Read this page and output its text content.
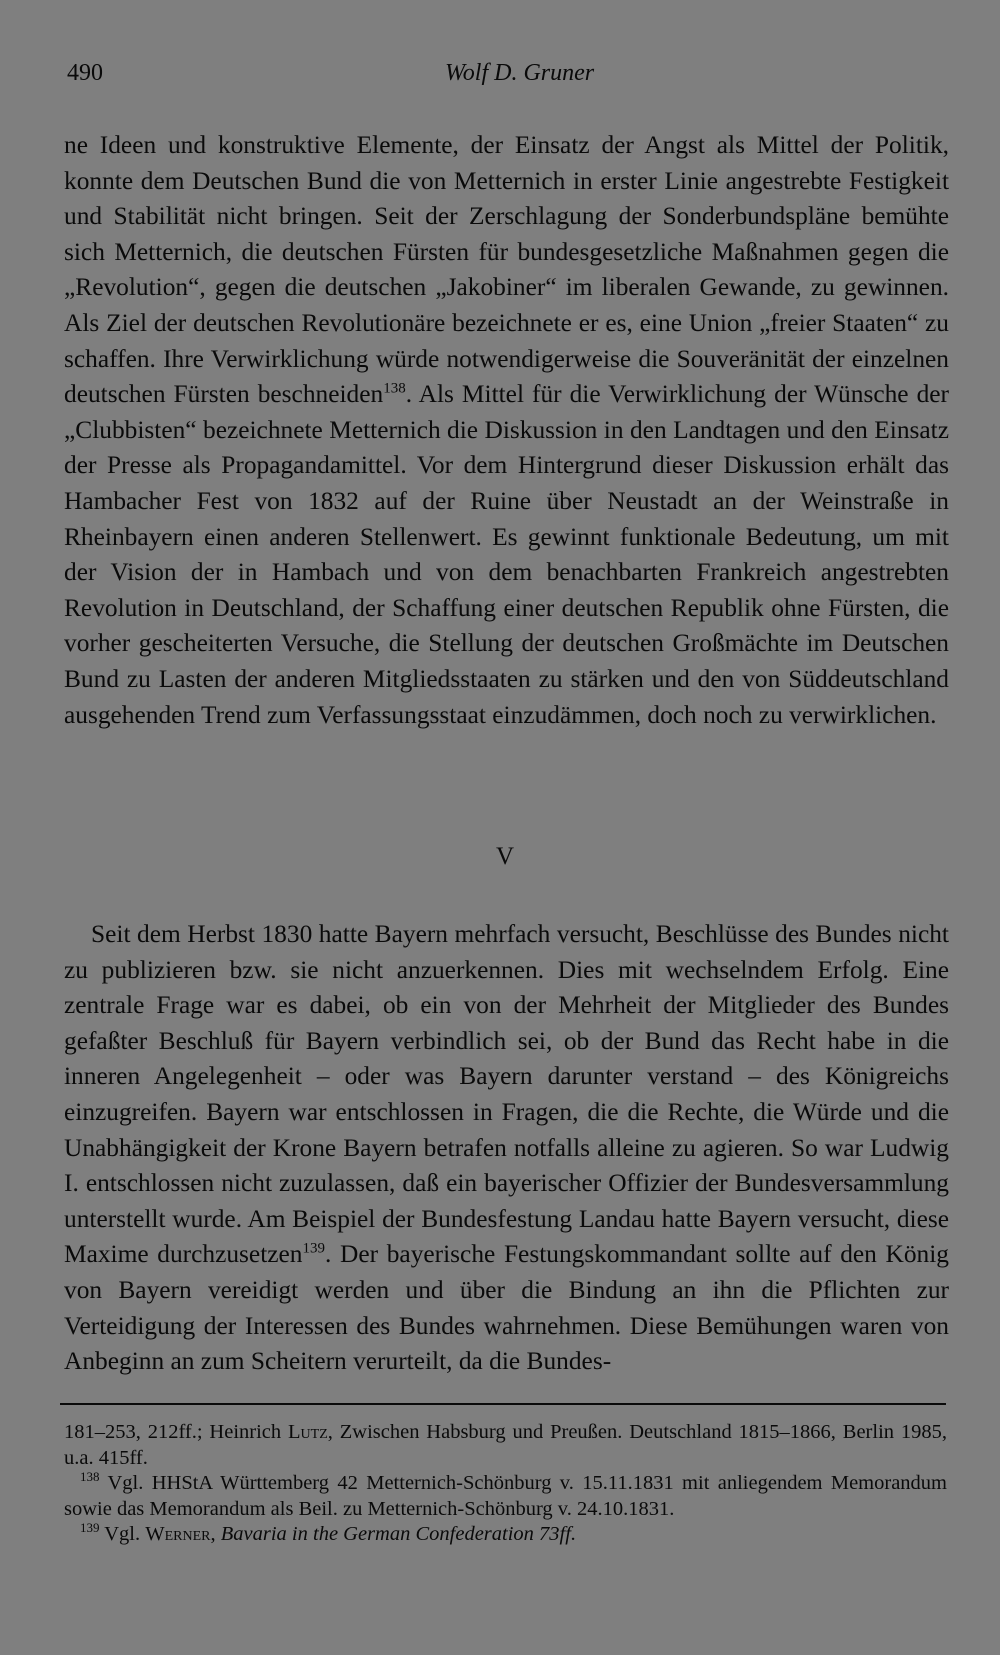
490	Wolf D. Gruner

ne Ideen und konstruktive Elemente, der Einsatz der Angst als Mittel der Politik, konnte dem Deutschen Bund die von Metternich in erster Linie angestrebte Festigkeit und Stabilität nicht bringen. Seit der Zerschlagung der Sonderbundspläne bemühte sich Metternich, die deutschen Fürsten für bundesgesetzliche Maßnahmen gegen die „Revolution“, gegen die deutschen „Jakobiner“ im liberalen Gewande, zu gewinnen. Als Ziel der deutschen Revolutionäre bezeichnete er es, eine Union „freier Staaten“ zu schaffen. Ihre Verwirklichung würde notwendigerweise die Souveränität der einzelnen deutschen Fürsten beschneiden$^{138}$. Als Mittel für die Verwirklichung der Wünsche der „Clubbisten“ bezeichnete Metternich die Diskussion in den Landtagen und den Einsatz der Presse als Propagandamittel. Vor dem Hintergrund dieser Diskussion erhält das Hambacher Fest von 1832 auf der Ruine über Neustadt an der Weinstraße in Rheinbayern einen anderen Stellenwert. Es gewinnt funktionale Bedeutung, um mit der Vision der in Hambach und von dem benachbarten Frankreich angestrebten Revolution in Deutschland, der Schaffung einer deutschen Republik ohne Fürsten, die vorher gescheiterten Versuche, die Stellung der deutschen Großmächte im Deutschen Bund zu Lasten der anderen Mitgliedsstaaten zu stärken und den von Süddeutschland ausgehenden Trend zum Verfassungsstaat einzudämmen, doch noch zu verwirklichen.

V

Seit dem Herbst 1830 hatte Bayern mehrfach versucht, Beschlüsse des Bundes nicht zu publizieren bzw. sie nicht anzuerkennen. Dies mit wechselndem Erfolg. Eine zentrale Frage war es dabei, ob ein von der Mehrheit der Mitglieder des Bundes gefaßter Beschluß für Bayern verbindlich sei, ob der Bund das Recht habe in die inneren Angelegenheit – oder was Bayern darunter verstand – des Königreichs einzugreifen. Bayern war entschlossen in Fragen, die die Rechte, die Würde und die Unabhängigkeit der Krone Bayern betrafen notfalls alleine zu agieren. So war Ludwig I. entschlossen nicht zuzulassen, daß ein bayerischer Offizier der Bundesversammlung unterstellt wurde. Am Beispiel der Bundesfestung Landau hatte Bayern versucht, diese Maxime durchzusetzen$^{139}$. Der bayerische Festungskommandant sollte auf den König von Bayern vereidigt werden und über die Bindung an ihn die Pflichten zur Verteidigung der Interessen des Bundes wahrnehmen. Diese Bemühungen waren von Anbeginn an zum Scheitern verurteilt, da die Bundes-

181–253, 212ff.; Heinrich Lutz, Zwischen Habsburg und Preußen. Deutschland 1815–1866, Berlin 1985, u.a. 415ff.

$^{138}$ Vgl. HHStA Württemberg 42 Metternich-Schönburg v. 15.11.1831 mit anliegendem Memorandum sowie das Memorandum als Beil. zu Metternich-Schönburg v. 24.10.1831.

$^{139}$ Vgl. Werner, Bavaria in the German Confederation 73ff.
